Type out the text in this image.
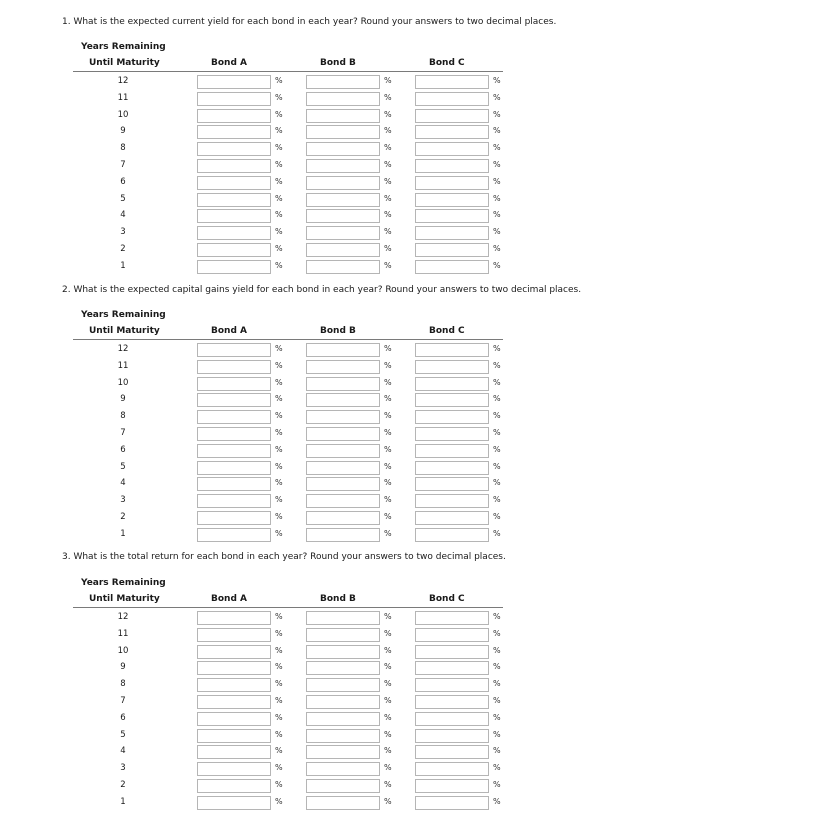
1. What is the expected current yield for each bond in each year? Round your answers to two decimal places.
Years Remaining
Until Maturity	Bond A	Bond B	Bond C
12	%	%	%
11	%	%	%
10	%	%	%
9	%	%	%
8	%	%	%
7	%	%	%
6	%	%	%
5	%	%	%
4	%	%	%
3	%	%	%
2	%	%	%
1	%	%	%
2. What is the expected capital gains yield for each bond in each year? Round your answers to two decimal places.
Years Remaining
Until Maturity	Bond A	Bond B	Bond C
12	%	%	%
11	%	%	%
10	%	%	%
9	%	%	%
8	%	%	%
7	%	%	%
6	%	%	%
5	%	%	%
4	%	%	%
3	%	%	%
2	%	%	%
1	%	%	%
3. What is the total return for each bond in each year? Round your answers to two decimal places.
Years Remaining
Until Maturity	Bond A	Bond B	Bond C
12	%	%	%
11	%	%	%
10	%	%	%
9	%	%	%
8	%	%	%
7	%	%	%
6	%	%	%
5	%	%	%
4	%	%	%
3	%	%	%
2	%	%	%
1	%	%	%
